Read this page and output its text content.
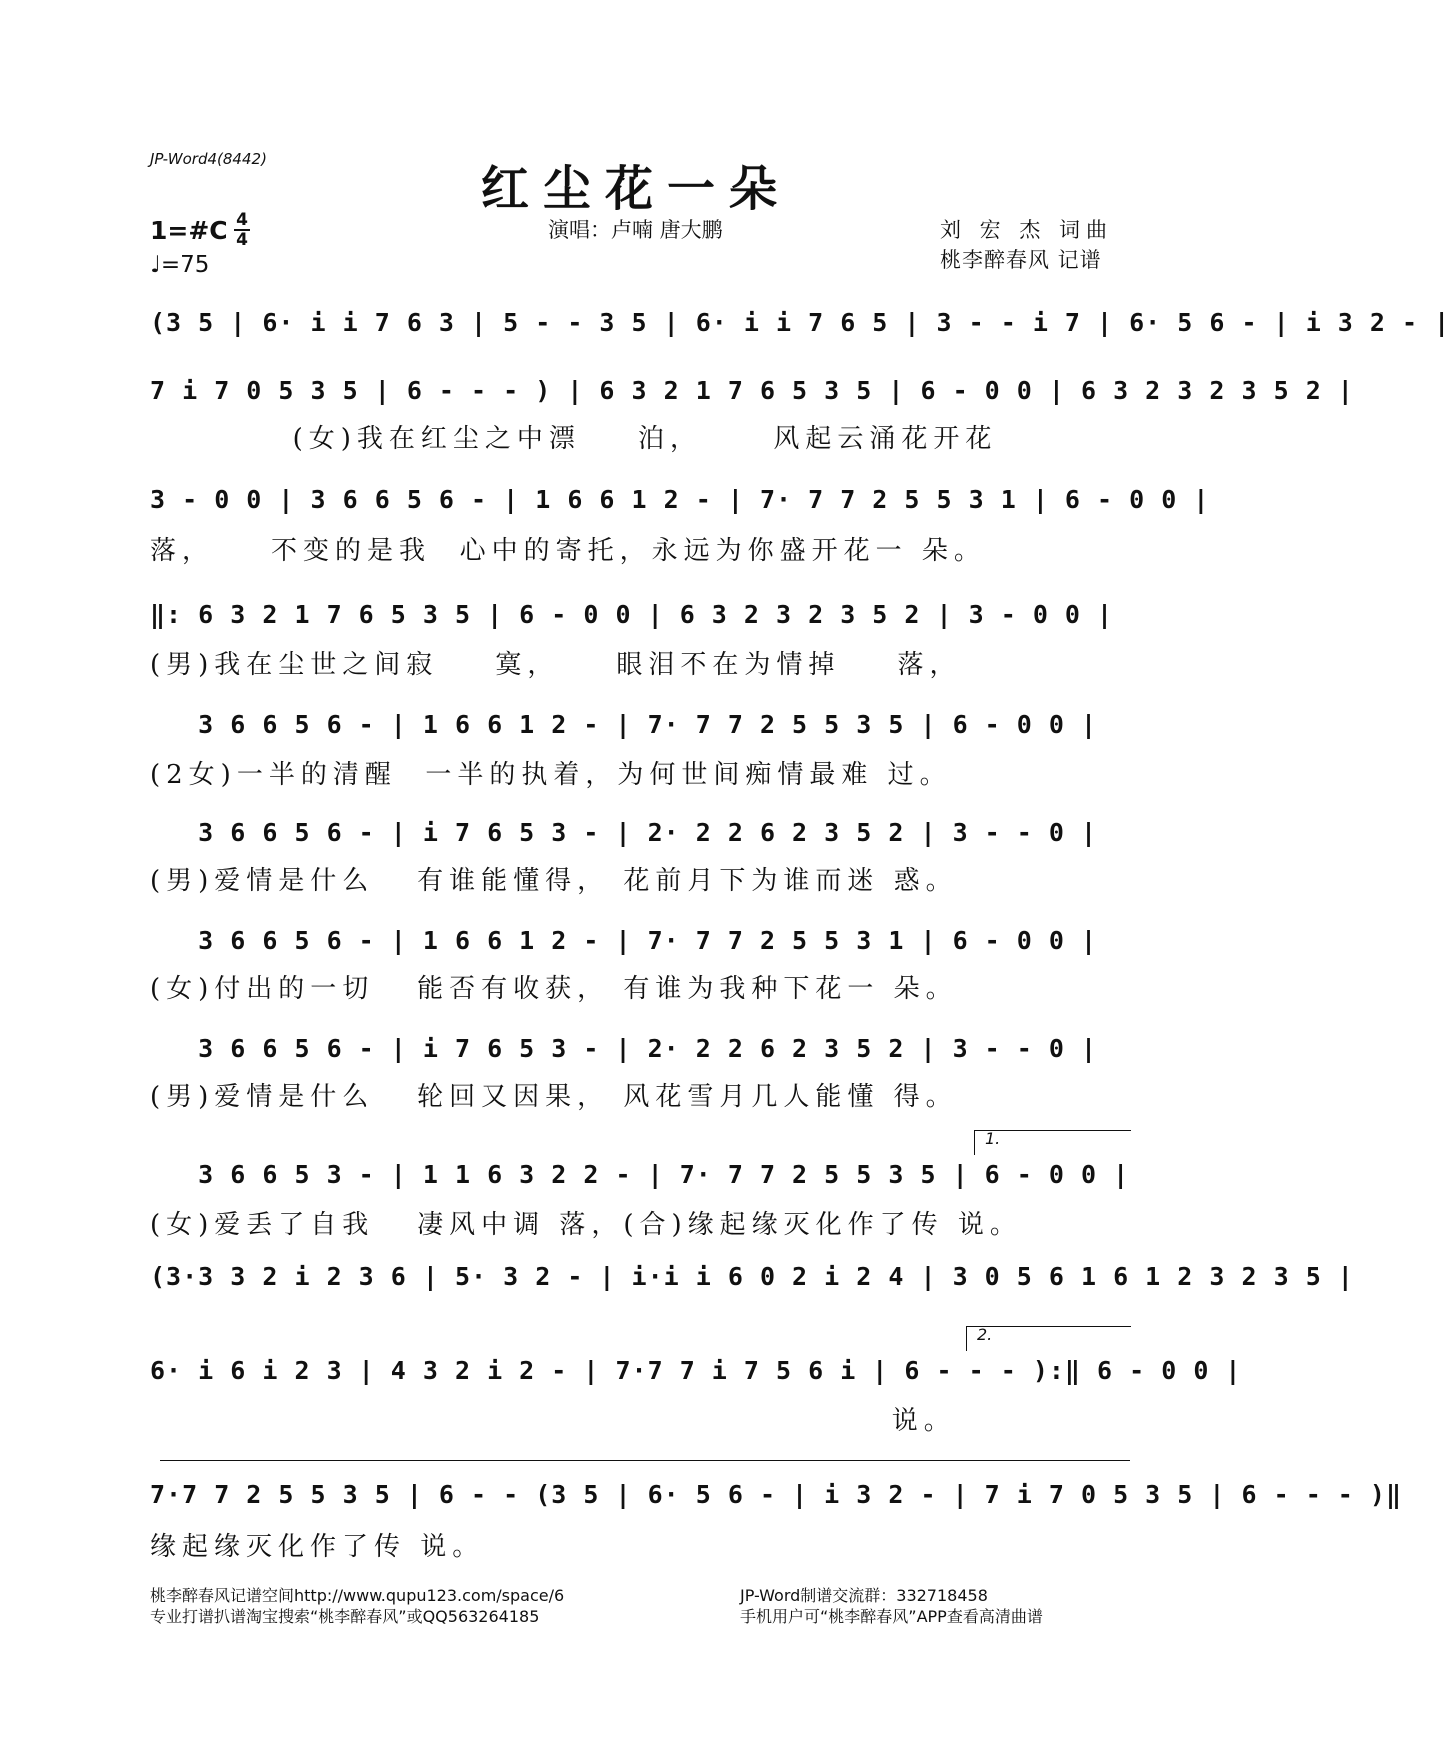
JP-Word4(8442)
红尘花一朵
演唱：卢喃 唐大鹏	刘 宏 杰 词曲
桃李醉春风 记谱
1=#C 4
4
♩=75
(3 5 | 6· i i 7 6 3 | 5 - - 3 5 | 6· i i 7 6 5 | 3 - - i 7 | 6· 5 6 - | i 3 2 - |
7 i 7 0 5 3 5 | 6 - - - ) | 6 3 2 1 7 6 5 3 5 | 6 - 0 0 | 6 3 2 3 2 3 5 2 |
(女)我在红尘之中漂    泊，     风起云涌花开花
3 - 0 0 | 3 6 6 5 6 - | 1 6 6 1 2 - | 7· 7 7 2 5 5 3 1 | 6 - 0 0 |
落，    不变的是我  心中的寄托，永远为你盛开花一 朵。
‖: 6 3 2 1 7 6 5 3 5 | 6 - 0 0 | 6 3 2 3 2 3 5 2 | 3 - 0 0 |
(男)我在尘世之间寂    寞，    眼泪不在为情掉    落，
3 6 6 5 6 - | 1 6 6 1 2 - | 7· 7 7 2 5 5 3 5 | 6 - 0 0 |
(2女)一半的清醒  一半的执着，为何世间痴情最难 过。
3 6 6 5 6 - | i 7 6 5 3 - | 2· 2 2 6 2 3 5 2 | 3 - - 0 |
(男)爱情是什么   有谁能懂得， 花前月下为谁而迷 惑。
3 6 6 5 6 - | 1 6 6 1 2 - | 7· 7 7 2 5 5 3 1 | 6 - 0 0 |
(女)付出的一切   能否有收获， 有谁为我种下花一 朵。
3 6 6 5 6 - | i 7 6 5 3 - | 2· 2 2 6 2 3 5 2 | 3 - - 0 |
(男)爱情是什么   轮回又因果， 风花雪月几人能懂 得。
1.
3 6 6 5 3 - | 1 1 6 3 2 2 - | 7· 7 7 2 5 5 3 5 | 6 - 0 0 |
(女)爱丢了自我   凄风中调 落，(合)缘起缘灭化作了传 说。
(3·3 3 2 i 2 3 6 | 5· 3 2 - | i·i i 6 0 2 i 2 4 | 3 0 5 6 1 6 1 2 3 2 3 5 |
2.
6· i 6 i 2 3 | 4 3 2 i 2 - | 7·7 7 i 7 5 6 i | 6 - - - ):‖ 6 - 0 0 |
说。
7·7 7 2 5 5 3 5 | 6 - - (3 5 | 6· 5 6 - | i 3 2 - | 7 i 7 0 5 3 5 | 6 - - - )‖
缘起缘灭化作了传 说。
桃李醉春风记谱空间http://www.qupu123.com/space/6
专业打谱扒谱淘宝搜索“桃李醉春风”或QQ563264185
JP-Word制谱交流群：332718458
手机用户可“桃李醉春风”APP查看高清曲谱
